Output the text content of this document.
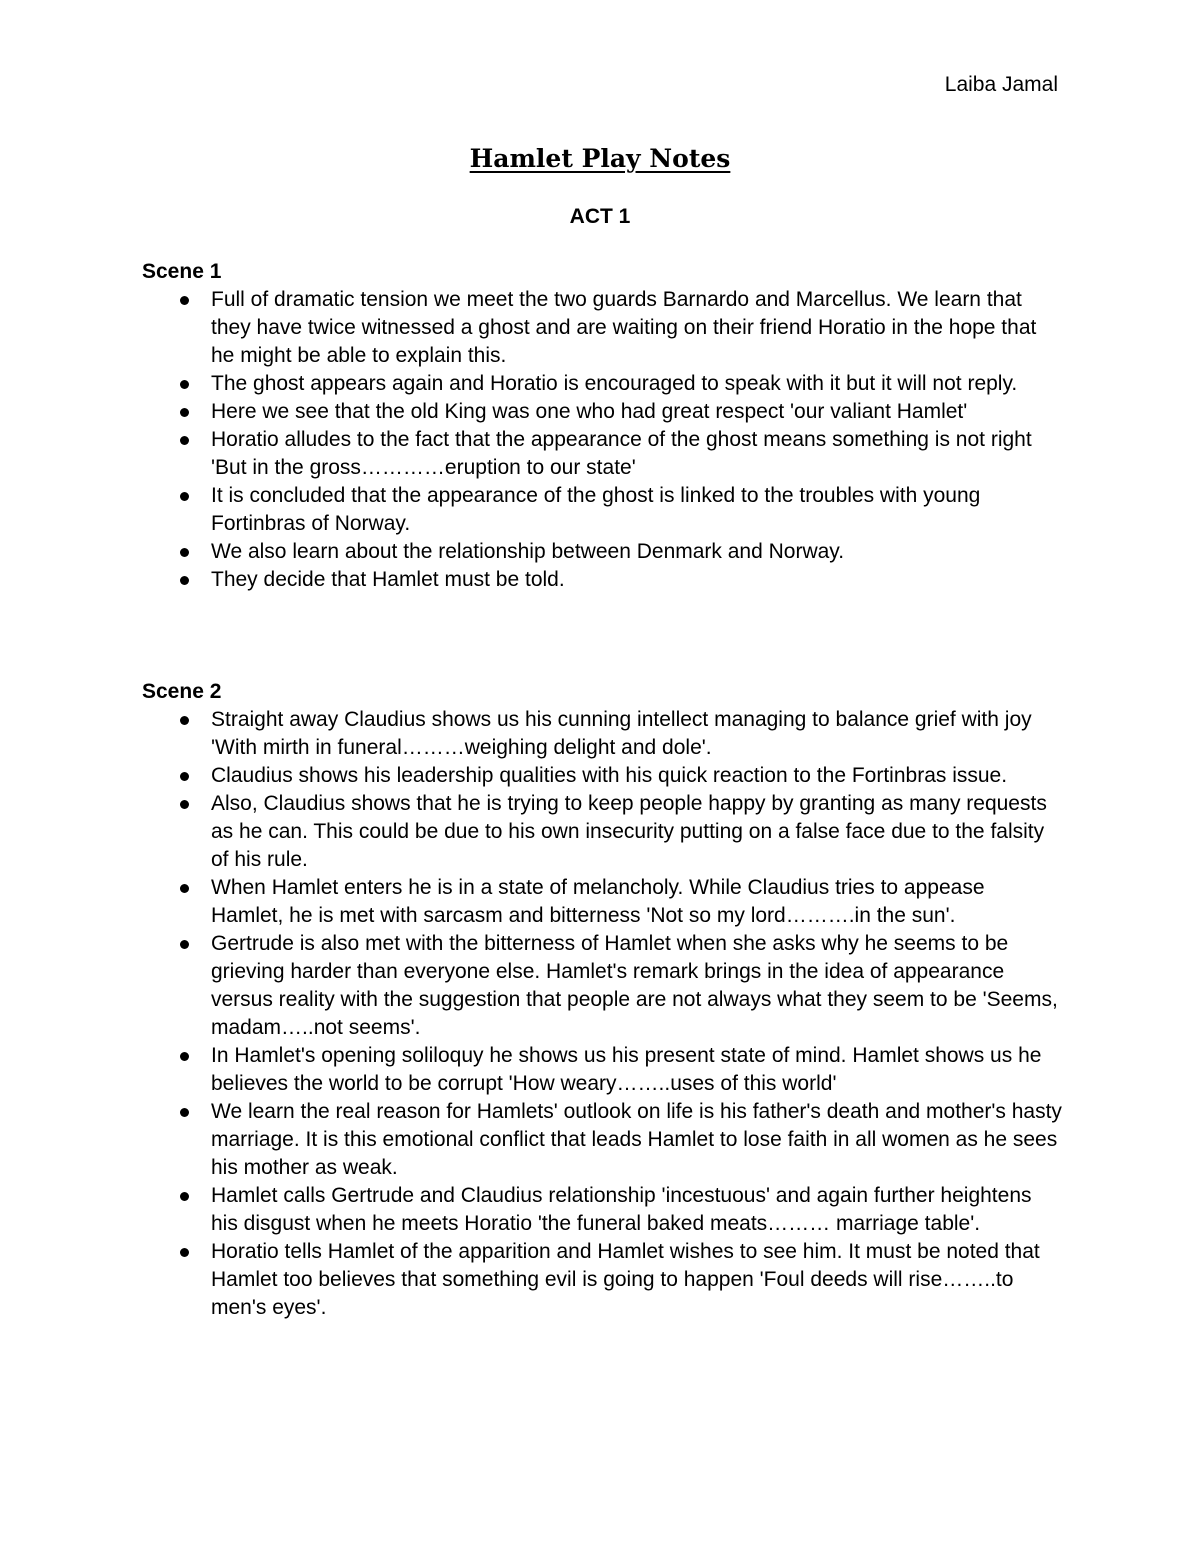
Laiba Jamal
Hamlet Play Notes
ACT 1
Scene 1
Full of dramatic tension we meet the two guards Barnardo and Marcellus. We learn that they have twice witnessed a ghost and are waiting on their friend Horatio in the hope that he might be able to explain this.
The ghost appears again and Horatio is encouraged to speak with it but it will not reply.
Here we see that the old King was one who had great respect 'our valiant Hamlet'
Horatio alludes to the fact that the appearance of the ghost means something is not right 'But in the gross…………eruption to our state'
It is concluded that the appearance of the ghost is linked to the troubles with young Fortinbras of Norway.
We also learn about the relationship between Denmark and Norway.
They decide that Hamlet must be told.
Scene 2
Straight away Claudius shows us his cunning intellect managing to balance grief with joy 'With mirth in funeral………weighing delight and dole'.
Claudius shows his leadership qualities with his quick reaction to the Fortinbras issue.
Also, Claudius shows that he is trying to keep people happy by granting as many requests as he can. This could be due to his own insecurity putting on a false face due to the falsity of his rule.
When Hamlet enters he is in a state of melancholy. While Claudius tries to appease Hamlet, he is met with sarcasm and bitterness 'Not so my lord……….in the sun'.
Gertrude is also met with the bitterness of Hamlet when she asks why he seems to be grieving harder than everyone else. Hamlet's remark brings in the idea of appearance versus reality with the suggestion that people are not always what they seem to be 'Seems, madam…..not seems'.
In Hamlet's opening soliloquy he shows us his present state of mind. Hamlet shows us he believes the world to be corrupt 'How weary……..uses of this world'
We learn the real reason for Hamlets' outlook on life is his father's death and mother's hasty marriage. It is this emotional conflict that leads Hamlet to lose faith in all women as he sees his mother as weak.
Hamlet calls Gertrude and Claudius relationship 'incestuous' and again further heightens his disgust when he meets Horatio 'the funeral baked meats……… marriage table'.
Horatio tells Hamlet of the apparition and Hamlet wishes to see him. It must be noted that Hamlet too believes that something evil is going to happen 'Foul deeds will rise……..to men's eyes'.
